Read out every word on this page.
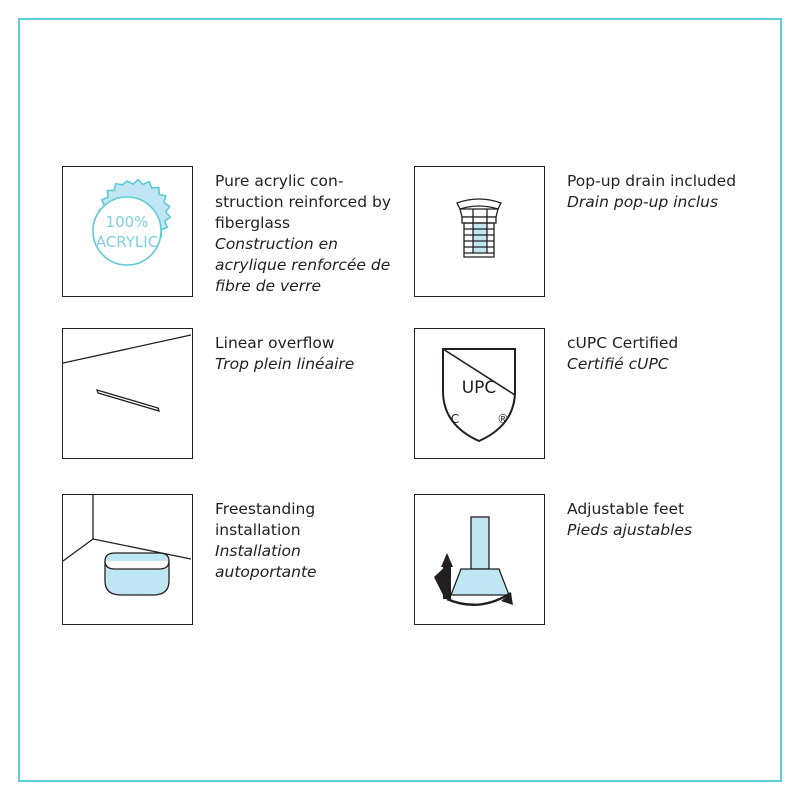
100%
ACRYLIC
Pure acrylic con-struction reinforced by fiberglass
Construction en acrylique renforcée de fibre de verre
Pop-up drain included
Drain pop-up inclus
Linear overflow
Trop plein linéaire
UPC
C	®
cUPC Certified
Certifié cUPC
Freestanding installation
Installation autoportante
Adjustable feet
Pieds ajustables
